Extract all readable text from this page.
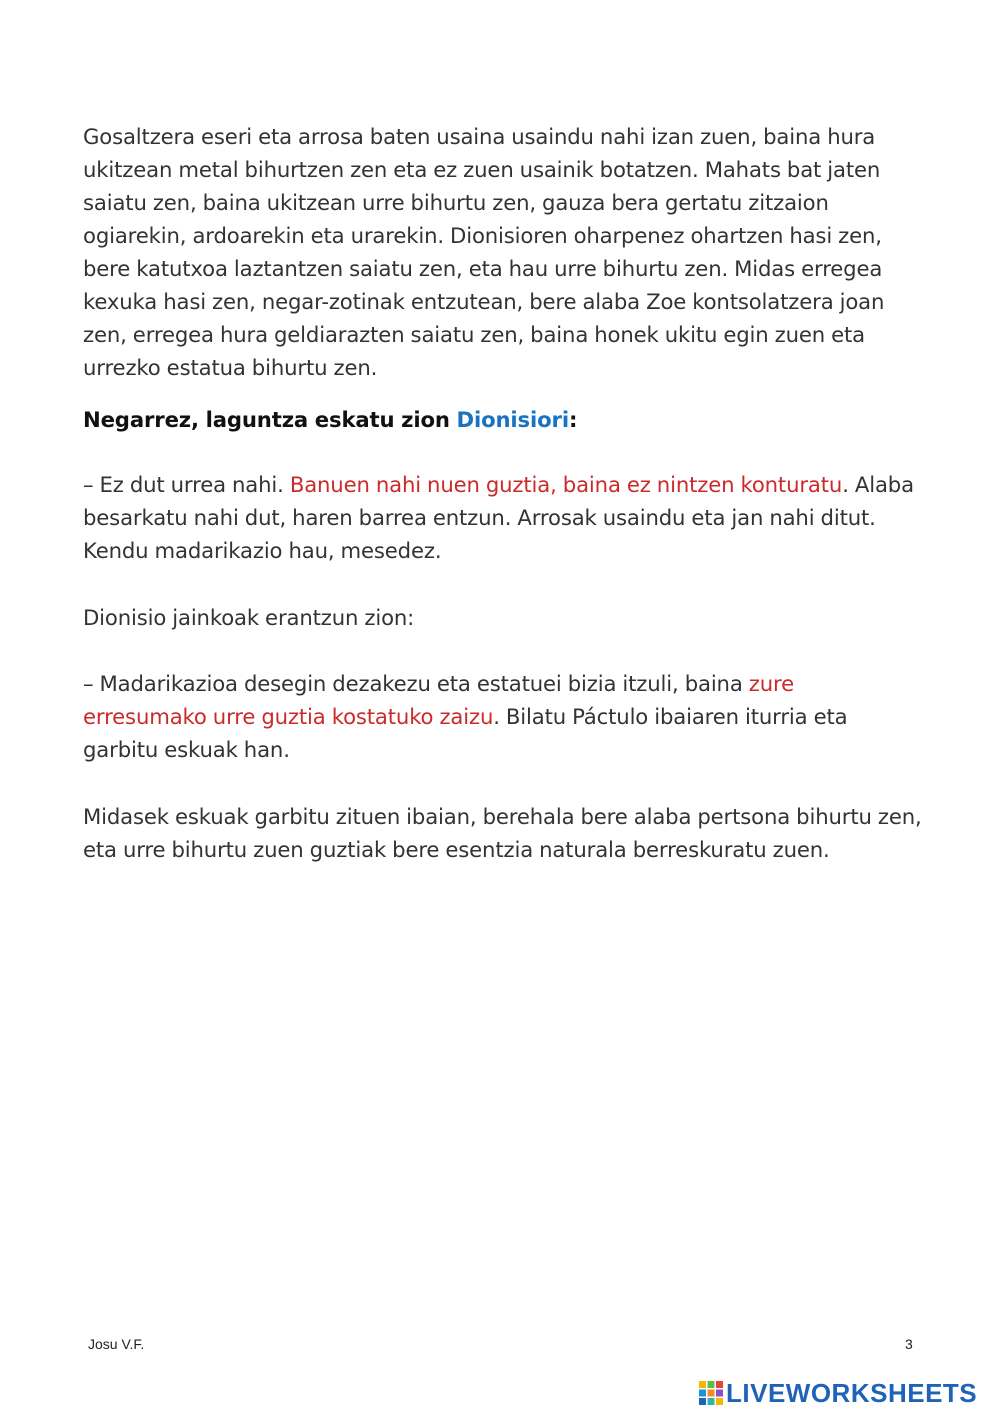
Gosaltzera eseri eta arrosa baten usaina usaindu nahi izan zuen, baina hura ukitzean metal bihurtzen zen eta ez zuen usainik botatzen. Mahats bat jaten saiatu zen, baina ukitzean urre bihurtu zen, gauza bera gertatu zitzaion ogiarekin, ardoarekin eta urarekin. Dionisioren oharpenez ohartzen hasi zen, bere katutxoa laztantzen saiatu zen, eta hau urre bihurtu zen. Midas erregea kexuka hasi zen, negar-zotinak entzutean, bere alaba Zoe kontsolatzera joan zen, erregea hura geldiarazten saiatu zen, baina honek ukitu egin zuen eta urrezko estatua bihurtu zen.

Negarrez, laguntza eskatu zion Dionisiori:

– Ez dut urrea nahi. Banuen nahi nuen guztia, baina ez nintzen konturatu. Alaba besarkatu nahi dut, haren barrea entzun. Arrosak usaindu eta jan nahi ditut. Kendu madarikazio hau, mesedez.

Dionisio jainkoak erantzun zion:

– Madarikazioa desegin dezakezu eta estatuei bizia itzuli, baina zure erresumako urre guztia kostatuko zaizu. Bilatu Páctulo ibaiaren iturria eta garbitu eskuak han.

Midasek eskuak garbitu zituen ibaian, berehala bere alaba pertsona bihurtu zen, eta urre bihurtu zuen guztiak bere esentzia naturala berreskuratu zuen.

Josu V.F.	3
LIVEWORKSHEETS
